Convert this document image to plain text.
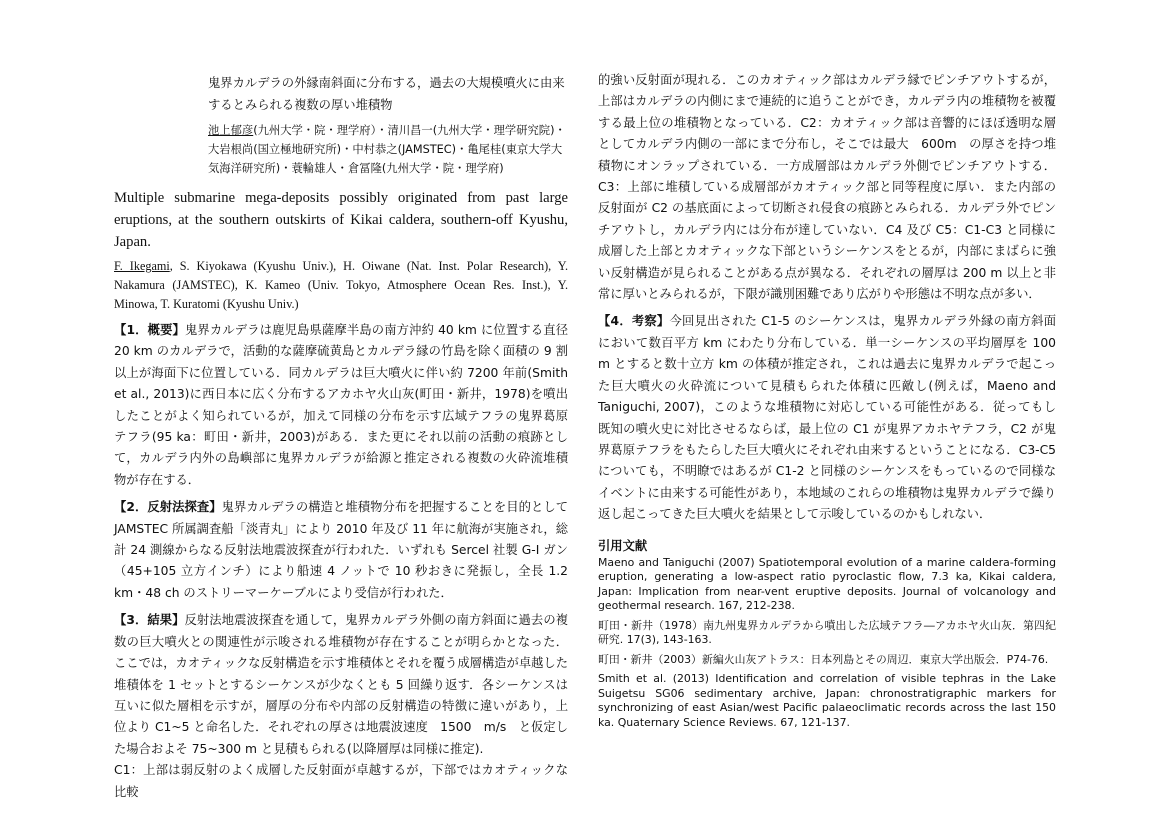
鬼界カルデラの外縁南斜面に分布する，過去の大規模噴火に由来するとみられる複数の厚い堆積物
池上郁彦(九州大学・院・理学府）・清川昌一(九州大学・理学研究院)・大岩根尚(国立極地研究所)・中村恭之(JAMSTEC)・亀尾桂(東京大学大気海洋研究所)・蓑輪雄人・倉冨隆(九州大学・院・理学府)
Multiple submarine mega-deposits possibly originated from past large eruptions, at the southern outskirts of Kikai caldera, southern-off Kyushu, Japan.
F. Ikegami, S. Kiyokawa (Kyushu Univ.), H. Oiwane (Nat. Inst. Polar Research), Y. Nakamura (JAMSTEC), K. Kameo (Univ. Tokyo, Atmosphere Ocean Res. Inst.), Y. Minowa, T. Kuratomi (Kyushu Univ.)

【1．概要】鬼界カルデラは鹿児島県薩摩半島の南方沖約 40 km に位置する直径 20 km のカルデラで，活動的な薩摩硫黄島とカルデラ縁の竹島を除く面積の 9 割以上が海面下に位置している．同カルデラは巨大噴火に伴い約 7200 年前(Smith et al., 2013)に西日本に広く分布するアカホヤ火山灰(町田・新井，1978)を噴出したことがよく知られているが，加えて同様の分布を示す広域テフラの鬼界葛原テフラ(95 ka：町田・新井，2003)がある．また更にそれ以前の活動の痕跡として，カルデラ内外の島嶼部に鬼界カルデラが給源と推定される複数の火砕流堆積物が存在する．

【2．反射法探査】鬼界カルデラの構造と堆積物分布を把握することを目的として JAMSTEC 所属調査船「淡青丸」により 2010 年及び 11 年に航海が実施され，総計 24 測線からなる反射法地震波探査が行われた．いずれも Sercel 社製 G-I ガン（45+105 立方インチ）により船速 4 ノットで 10 秒おきに発振し，全長 1.2 km・48 ch のストリーマーケーブルにより受信が行われた．

【3．結果】反射法地震波探査を通して，鬼界カルデラ外側の南方斜面に過去の複数の巨大噴火との関連性が示唆される堆積物が存在することが明らかとなった．ここでは，カオティックな反射構造を示す堆積体とそれを覆う成層構造が卓越した堆積体を 1 セットとするシーケンスが少なくとも 5 回繰り返す．各シーケンスは互いに似た層相を示すが，層厚の分布や内部の反射構造の特徴に違いがあり，上位より C1~5 と命名した．それぞれの厚さは地震波速度　1500　m/s　と仮定した場合およそ 75~300 m と見積もられる(以降層厚は同様に推定).

C1：上部は弱反射のよく成層した反射面が卓越するが，下部ではカオティックな比較

的強い反射面が現れる．このカオティック部はカルデラ縁でピンチアウトするが，上部はカルデラの内側にまで連続的に追うことができ，カルデラ内の堆積物を被覆する最上位の堆積物となっている．C2：カオティック部は音響的にほぼ透明な層としてカルデラ内側の一部にまで分布し，そこでは最大　600m　の厚さを持つ堆積物にオンラップされている．一方成層部はカルデラ外側でピンチアウトする．C3：上部に堆積している成層部がカオティック部と同等程度に厚い．また内部の反射面が C2 の基底面によって切断され侵食の痕跡とみられる．カルデラ外でピンチアウトし，カルデラ内には分布が達していない．C4 及び C5：C1-C3 と同様に成層した上部とカオティックな下部というシーケンスをとるが，内部にまばらに強い反射構造が見られることがある点が異なる．それぞれの層厚は 200 m 以上と非常に厚いとみられるが，下限が識別困難であり広がりや形態は不明な点が多い．

【4．考察】今回見出された C1-5 のシーケンスは，鬼界カルデラ外縁の南方斜面において数百平方 km にわたり分布している．単一シーケンスの平均層厚を 100 m とすると数十立方 km の体積が推定され，これは過去に鬼界カルデラで起こった巨大噴火の火砕流について見積もられた体積に匹敵し(例えば，Maeno and Taniguchi, 2007)，このような堆積物に対応している可能性がある．従ってもし既知の噴火史に対比させるならば，最上位の C1 が鬼界アカホヤテフラ，C2 が鬼界葛原テフラをもたらした巨大噴火にそれぞれ由来するということになる．C3-C5 についても，不明瞭ではあるが C1-2 と同様のシーケンスをもっているので同様なイベントに由来する可能性があり，本地域のこれらの堆積物は鬼界カルデラで繰り返し起こってきた巨大噴火を結果として示唆しているのかもしれない．

引用文献

Maeno and Taniguchi (2007) Spatiotemporal evolution of a marine caldera-forming eruption, generating a low-aspect ratio pyroclastic flow, 7.3 ka, Kikai caldera, Japan: Implication from near-vent eruptive deposits. Journal of volcanology and geothermal research. 167, 212-238.

町田・新井（1978）南九州鬼界カルデラから噴出した広域テフラ―アカホヤ火山灰．第四紀研究. 17(3), 143-163.

町田・新井（2003）新編火山灰アトラス：日本列島とその周辺．東京大学出版会．P74-76.

Smith et al. (2013) Identification and correlation of visible tephras in the Lake Suigetsu SG06 sedimentary archive, Japan: chronostratigraphic markers for synchronizing of east Asian/west Pacific palaeoclimatic records across the last 150 ka. Quaternary Science Reviews. 67, 121-137.
